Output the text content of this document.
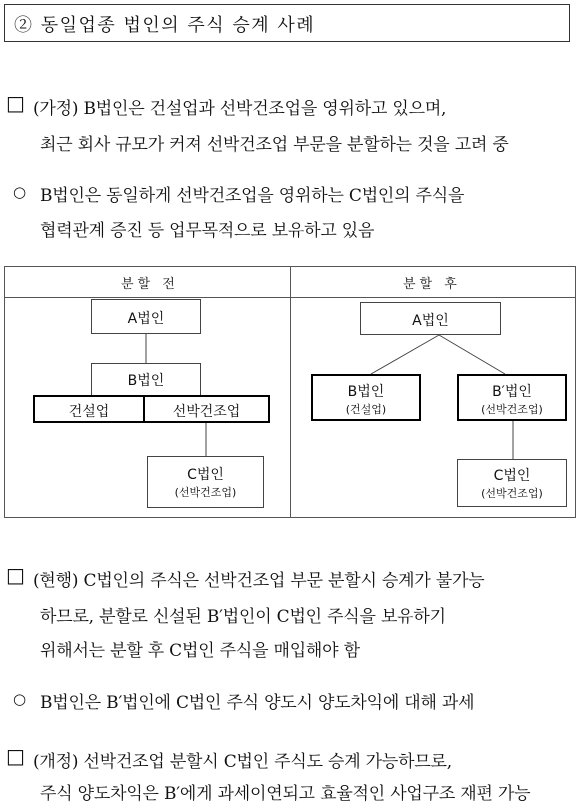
② 동일업종 법인의 주식 승계 사례
□ (가정) B법인은 건설업과 선박건조업을 영위하고 있으며,
최근 회사 규모가 커져 선박건조업 부문을 분할하는 것을 고려 중
○ B법인은 동일하게 선박건조업을 영위하는 C법인의 주식을
협력관계 증진 등 업무목적으로 보유하고 있음
분할 전	분할 후
A법인
B법인
건설업	선박건조업
C법인
(선박건조업)
A법인
B법인
(건설업)
B′법인
(선박건조업)
C법인
(선박건조업)
□ (현행) C법인의 주식은 선박건조업 부문 분할시 승계가 불가능
하므로, 분할로 신설된 B′법인이 C법인 주식을 보유하기
위해서는 분할 후 C법인 주식을 매입해야 함
○ B법인은 B′법인에 C법인 주식 양도시 양도차익에 대해 과세
□ (개정) 선박건조업 분할시 C법인 주식도 승계 가능하므로,
주식 양도차익은 B′에게 과세이연되고 효율적인 사업구조 재편 가능
